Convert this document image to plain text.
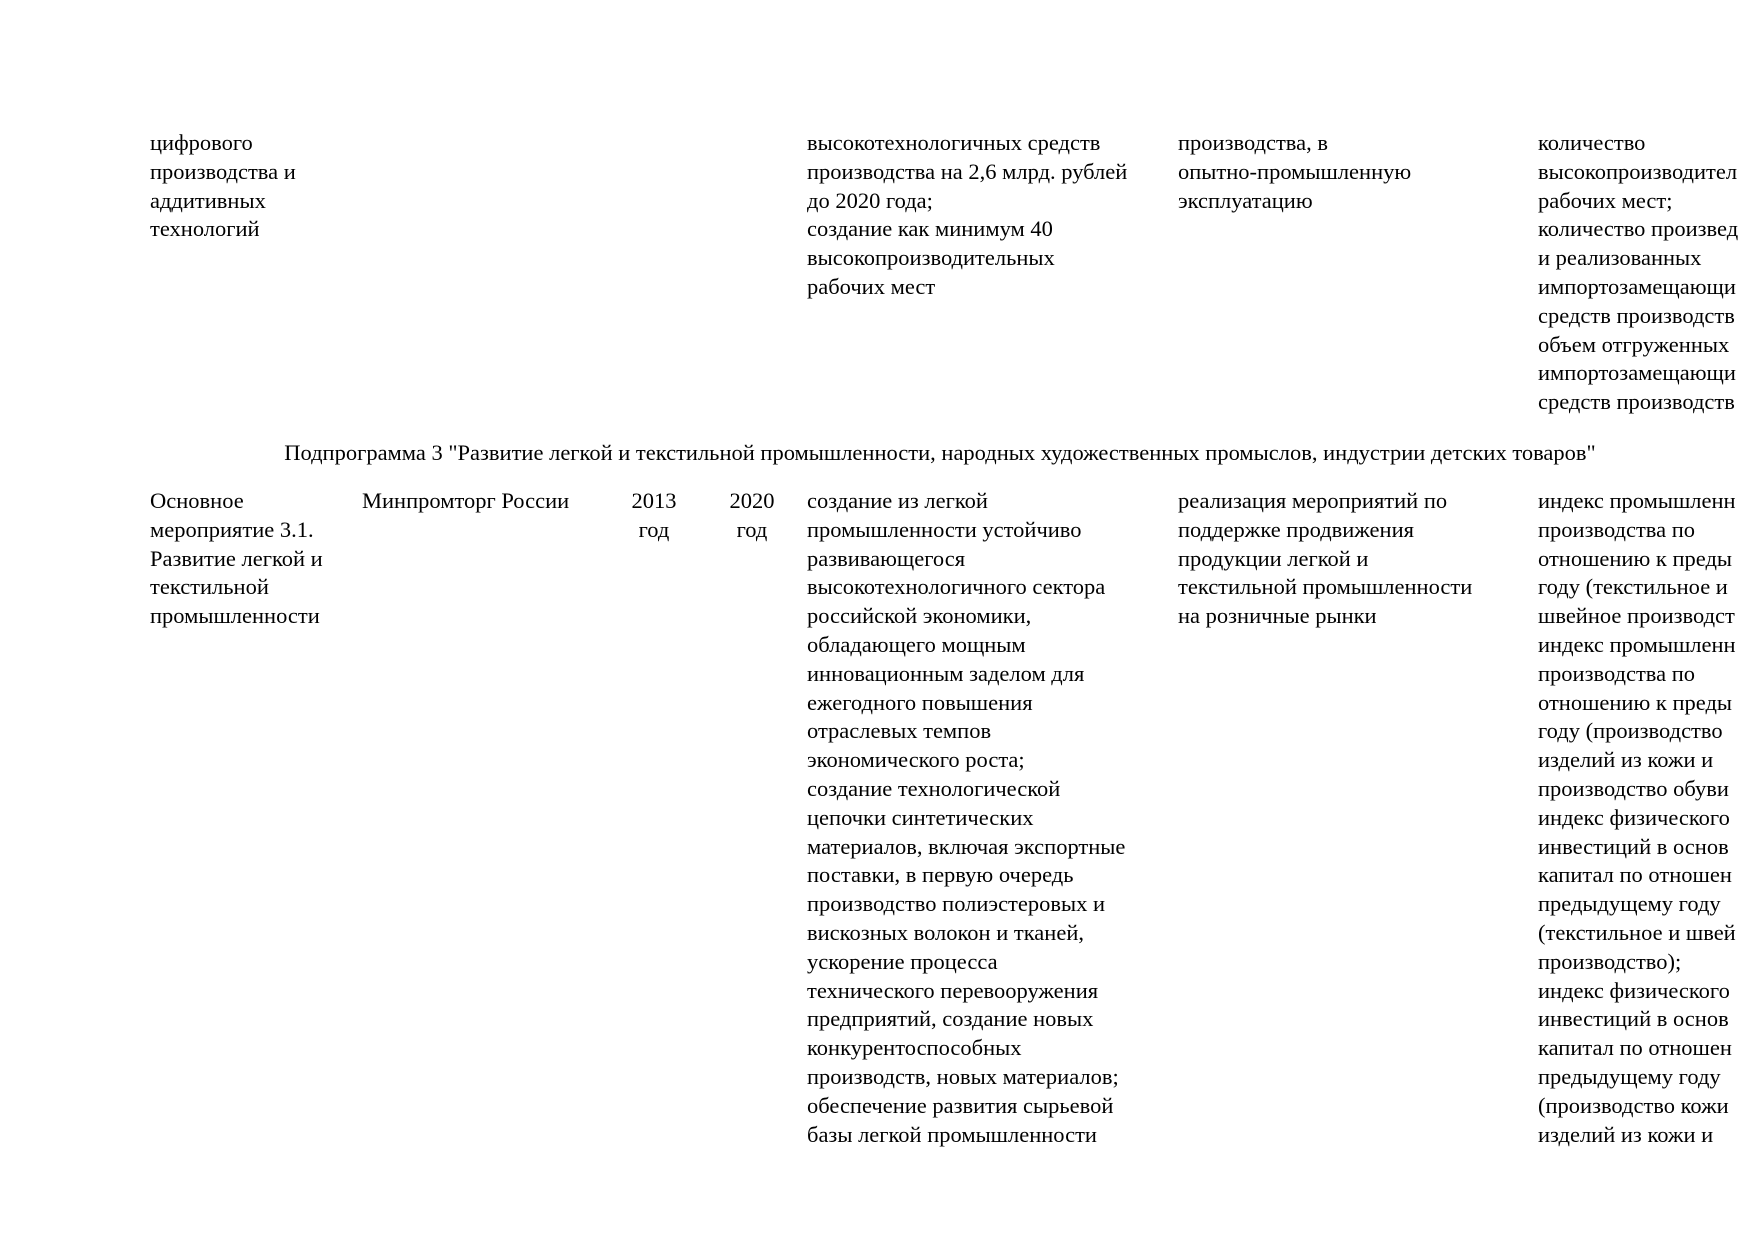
цифрового
производства и
аддитивных
технологий
высокотехнологичных средств
производства на 2,6 млрд. рублей
до 2020 года;
создание как минимум 40
высокопроизводительных
рабочих мест
производства, в
опытно-промышленную
эксплуатацию
количество
высокопроизводител
рабочих мест;
количество произвед
и реализованных
импортозамещающи
средств производств
объем отгруженных
импортозамещающи
средств производств
Подпрограмма 3 "Развитие легкой и текстильной промышленности, народных художественных промыслов, индустрии детских товаров"
Основное
мероприятие 3.1.
Развитие легкой и
текстильной
промышленности
Минпромторг России	2013
год
2020
год
создание из легкой
промышленности устойчиво
развивающегося
высокотехнологичного сектора
российской экономики,
обладающего мощным
инновационным заделом для
ежегодного повышения
отраслевых темпов
экономического роста;
создание технологической
цепочки синтетических
материалов, включая экспортные
поставки, в первую очередь
производство полиэстеровых и
вискозных волокон и тканей,
ускорение процесса
технического перевооружения
предприятий, создание новых
конкурентоспособных
производств, новых материалов;
обеспечение развития сырьевой
базы легкой промышленности
реализация мероприятий по
поддержке продвижения
продукции легкой и
текстильной промышленности
на розничные рынки
индекс промышленн
производства по
отношению к преды
году (текстильное и
швейное производст
индекс промышленн
производства по
отношению к преды
году (производство
изделий из кожи и
производство обуви
индекс физического
инвестиций в основ
капитал по отношен
предыдущему году
(текстильное и швей
производство);
индекс физического
инвестиций в основ
капитал по отношен
предыдущему году
(производство кожи
изделий из кожи и
